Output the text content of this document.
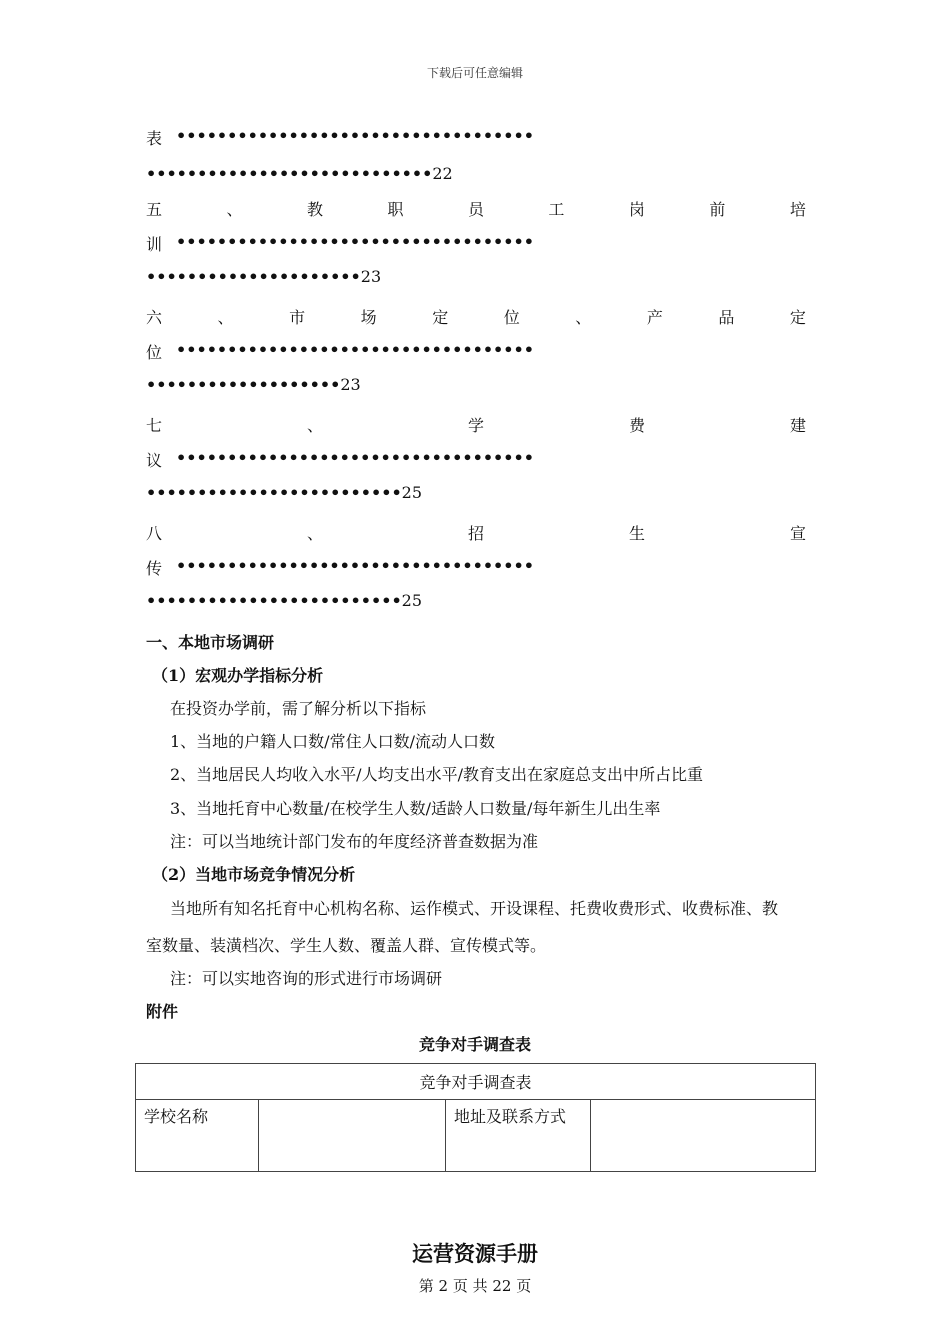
下载后可任意编辑
表 •••••••••••••••••••••••••••••••••••
••••••••••••••••••••••••••••22
五	、	教	职	员	工	岗	前	培
训 •••••••••••••••••••••••••••••••••••
•••••••••••••••••••••23
六	、	市	场	定	位	、	产	品	定
位 •••••••••••••••••••••••••••••••••••
•••••••••••••••••••23
七	、	学	费	建
议 •••••••••••••••••••••••••••••••••••
•••••••••••••••••••••••••25
八	、	招	生	宣
传 •••••••••••••••••••••••••••••••••••
•••••••••••••••••••••••••25
一、本地市场调研
（1）宏观办学指标分析
在投资办学前，需了解分析以下指标
1、当地的户籍人口数/常住人口数/流动人口数
2、当地居民人均收入水平/人均支出水平/教育支出在家庭总支出中所占比重
3、当地托育中心数量/在校学生人数/适龄人口数量/每年新生儿出生率
注：可以当地统计部门发布的年度经济普查数据为准
（2）当地市场竞争情况分析
当地所有知名托育中心机构名称、运作模式、开设课程、托费收费形式、收费标准、教
室数量、装潢档次、学生人数、覆盖人群、宣传模式等。
注：可以实地咨询的形式进行市场调研
附件
竞争对手调查表
竞争对手调查表
学校名称		地址及联系方式	
运营资源手册
第 2 页 共 22 页
